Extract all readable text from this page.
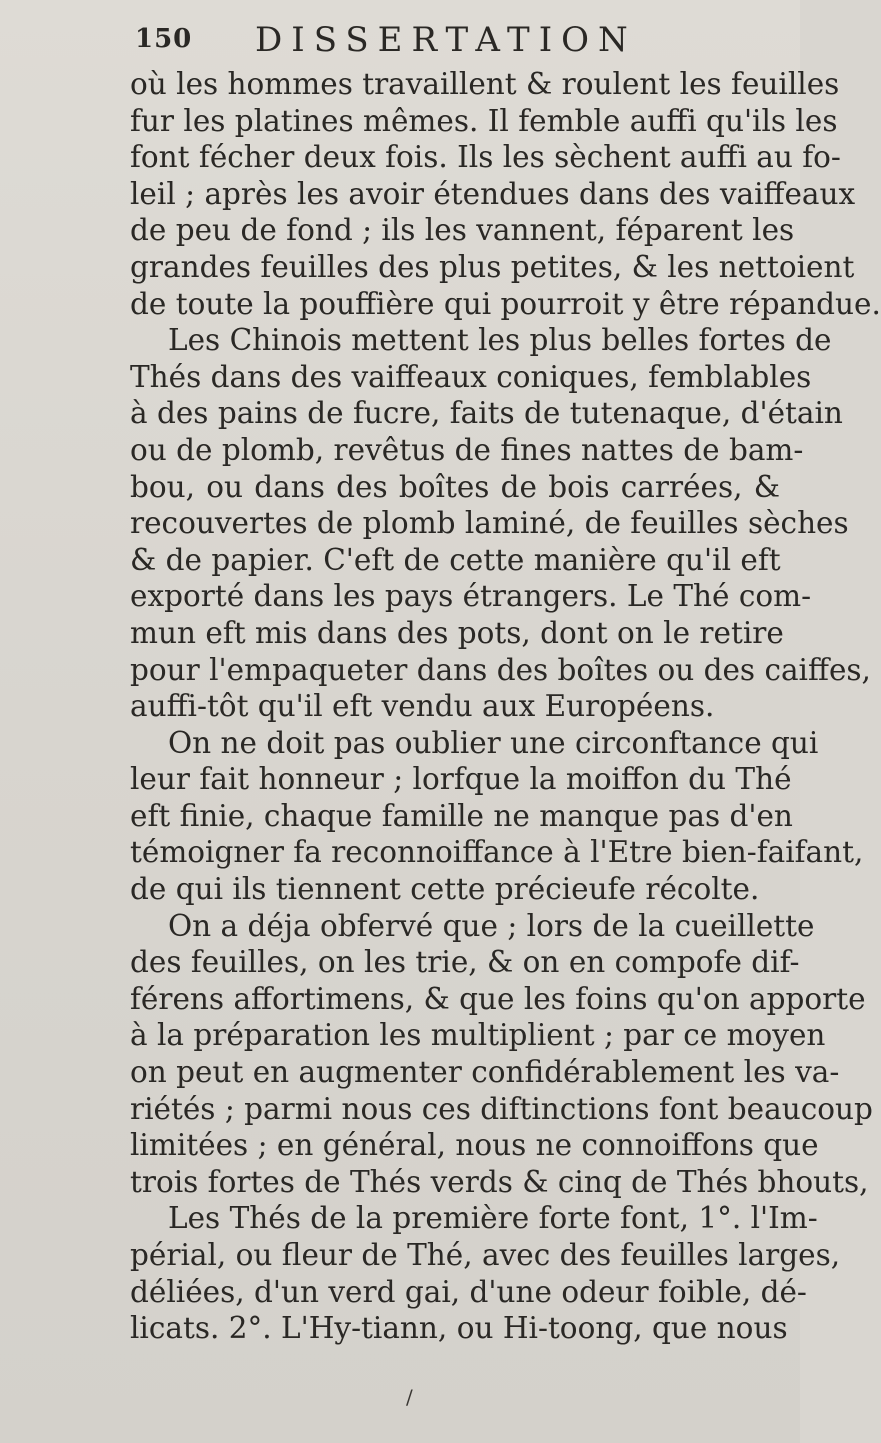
150 DISSERTATION
où les hommes travaillent & roulent les feuilles
fur les platines mêmes. Il femble auffi qu'ils les
font fécher deux fois. Ils les sèchent auffi au fo-
leil ; après les avoir étendues dans des vaiffeaux
de peu de fond ; ils les vannent, féparent les
grandes feuilles des plus petites, & les nettoient
de toute la pouffière qui pourroit y être répandue.
Les Chinois mettent les plus belles fortes de
Thés dans des vaiffeaux coniques, femblables
à des pains de fucre, faits de tutenaque, d'étain
ou de plomb, revêtus de fines nattes de bam-
bou, ou dans des boîtes de bois carrées, &
recouvertes de plomb laminé, de feuilles sèches
& de papier. C'eft de cette manière qu'il eft
exporté dans les pays étrangers. Le Thé com-
mun eft mis dans des pots, dont on le retire
pour l'empaqueter dans des boîtes ou des caiffes,
auffi-tôt qu'il eft vendu aux Européens.
On ne doit pas oublier une circonftance qui
leur fait honneur ; lorfque la moiffon du Thé
eft finie, chaque famille ne manque pas d'en
témoigner fa reconnoiffance à l'Etre bien-faifant,
de qui ils tiennent cette précieufe récolte.
On a déja obfervé que ; lors de la cueillette
des feuilles, on les trie, & on en compofe dif-
férens affortimens, & que les foins qu'on apporte
à la préparation les multiplient ; par ce moyen
on peut en augmenter confidérablement les va-
riétés ; parmi nous ces diftinctions font beaucoup
limitées ; en général, nous ne connoiffons que
trois fortes de Thés verds & cinq de Thés bhouts,
Les Thés de la première forte font, 1°. l'Im-
périal, ou fleur de Thé, avec des feuilles larges,
déliées, d'un verd gai, d'une odeur foible, dé-
licats. 2°. L'Hy-tiann, ou Hi-toong, que nous
/
